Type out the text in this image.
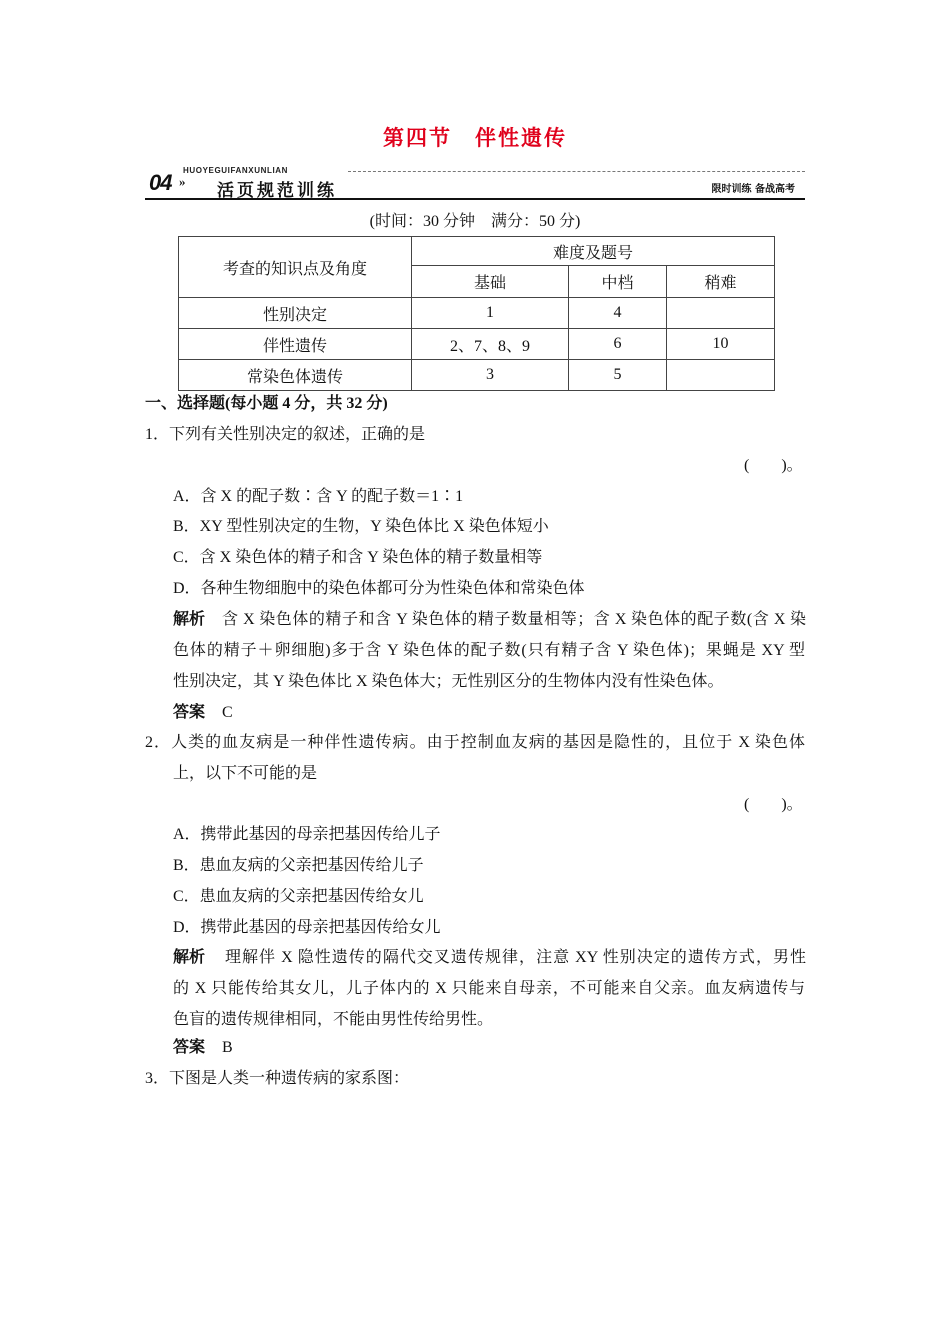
第四节　伴性遗传
HUOYEGUIFANXUNLIAN
04 » 活页规范训练	限时训练 备战高考
(时间：30 分钟　满分：50 分)
考查的知识点及角度	难度及题号		
	基础	中档	稍难
性别决定	1	4	
伴性遗传	2、7、8、9	6	10
常染色体遗传	3	5	
一、选择题(每小题 4 分，共 32 分)
1．下列有关性别决定的叙述，正确的是
(　　)。
A．含 X 的配子数∶含 Y 的配子数＝1∶1
B．XY 型性别决定的生物，Y 染色体比 X 染色体短小
C．含 X 染色体的精子和含 Y 染色体的精子数量相等
D．各种生物细胞中的染色体都可分为性染色体和常染色体
解析 含 X 染色体的精子和含 Y 染色体的精子数量相等；含 X 染色体的配子数(含 X 染
色体的精子＋卵细胞)多于含 Y 染色体的配子数(只有精子含 Y 染色体)；果蝇是 XY 型
性别决定，其 Y 染色体比 X 染色体大；无性别区分的生物体内没有性染色体。
答案 C
2．人类的血友病是一种伴性遗传病。由于控制血友病的基因是隐性的，且位于 X 染色体
上，以下不可能的是
(　　)。
A．携带此基因的母亲把基因传给儿子
B．患血友病的父亲把基因传给儿子
C．患血友病的父亲把基因传给女儿
D．携带此基因的母亲把基因传给女儿
解析 理解伴 X 隐性遗传的隔代交叉遗传规律，注意 XY 性别决定的遗传方式，男性
的 X 只能传给其女儿，儿子体内的 X 只能来自母亲，不可能来自父亲。血友病遗传与
色盲的遗传规律相同，不能由男性传给男性。
答案 B
3．下图是人类一种遗传病的家系图：
